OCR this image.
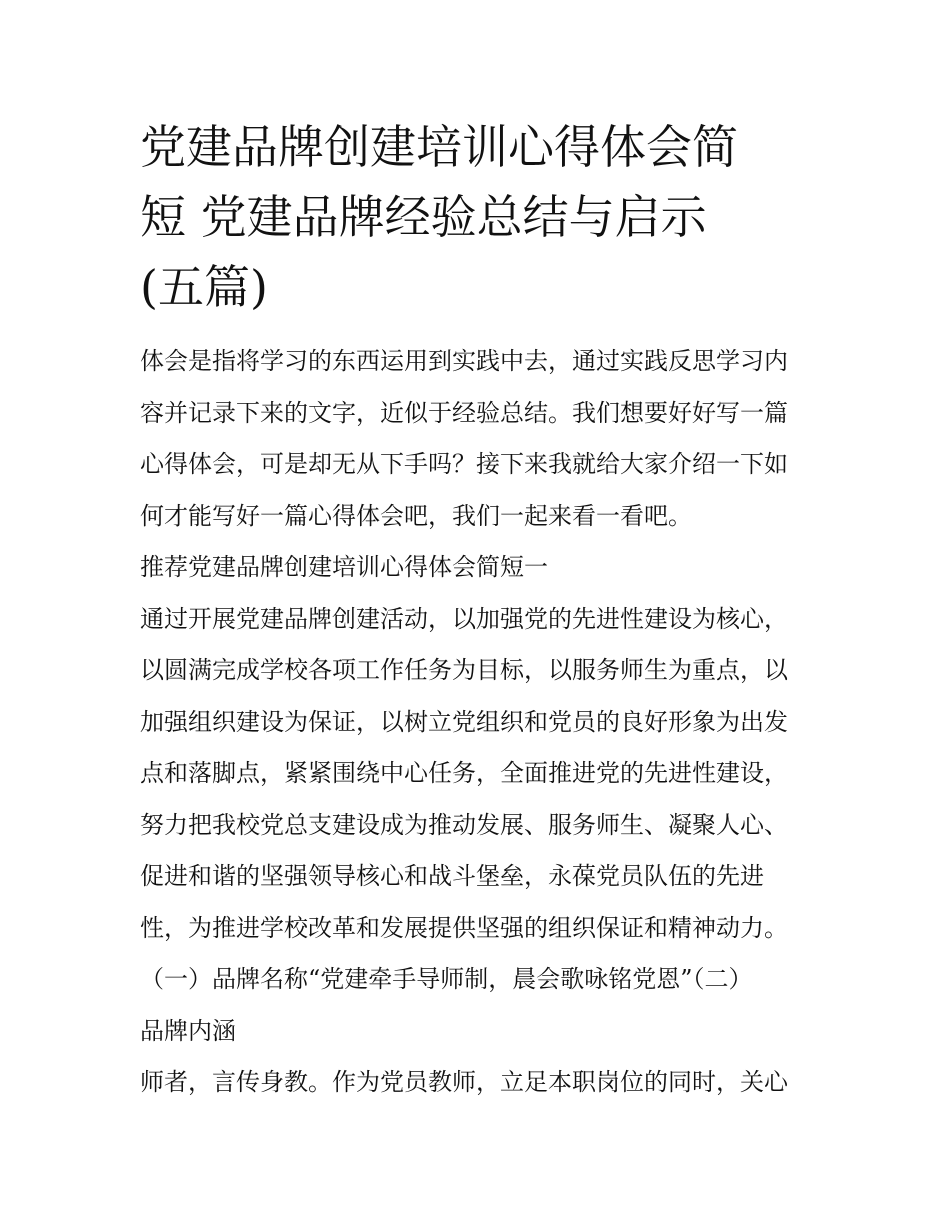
党建品牌创建培训心得体会简
短 党建品牌经验总结与启示
(五篇)
体会是指将学习的东西运用到实践中去，通过实践反思学习内
容并记录下来的文字，近似于经验总结。我们想要好好写一篇
心得体会，可是却无从下手吗？接下来我就给大家介绍一下如
何才能写好一篇心得体会吧，我们一起来看一看吧。
推荐党建品牌创建培训心得体会简短一
通过开展党建品牌创建活动，以加强党的先进性建设为核心，
以圆满完成学校各项工作任务为目标，以服务师生为重点，以
加强组织建设为保证，以树立党组织和党员的良好形象为出发
点和落脚点，紧紧围绕中心任务，全面推进党的先进性建设，
努力把我校党总支建设成为推动发展、服务师生、凝聚人心、
促进和谐的坚强领导核心和战斗堡垒，永葆党员队伍的先进
性，为推进学校改革和发展提供坚强的组织保证和精神动力。
（一）品牌名称“党建牵手导师制，晨会歌咏铭党恩”（二）
品牌内涵
师者，言传身教。作为党员教师，立足本职岗位的同时，关心
